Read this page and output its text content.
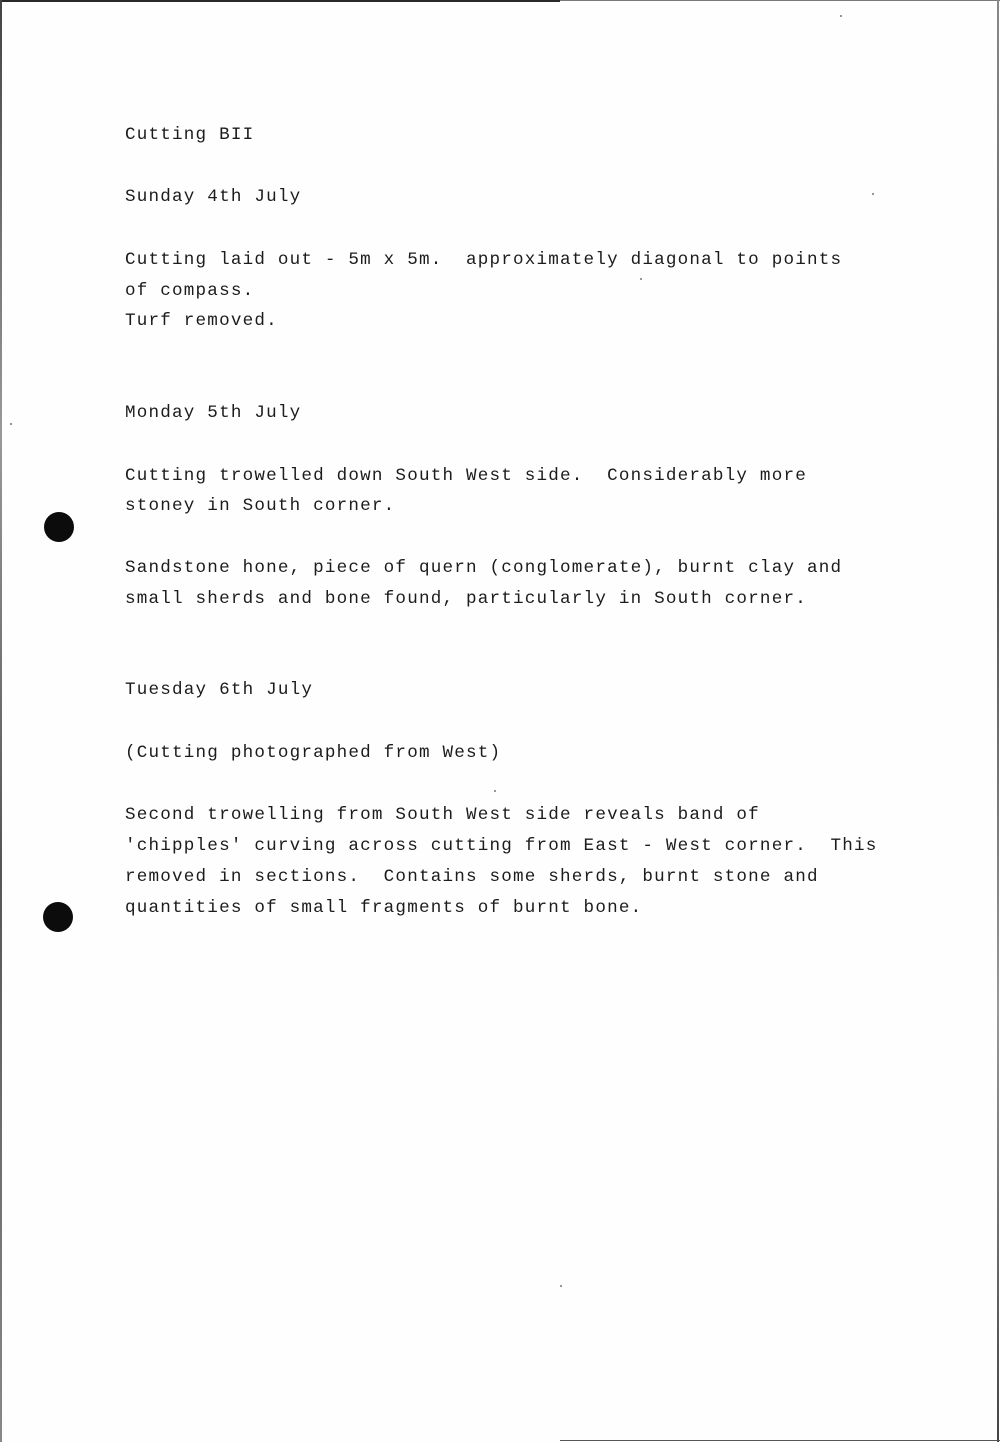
Cutting BII

Sunday 4th July

Cutting laid out - 5m x 5m.  approximately diagonal to points

of compass.

Turf removed.

Monday 5th July

Cutting trowelled down South West side.  Considerably more

stoney in South corner.

Sandstone hone, piece of quern (conglomerate), burnt clay and

small sherds and bone found, particularly in South corner.

Tuesday 6th July

(Cutting photographed from West)

Second trowelling from South West side reveals band of

'chipples' curving across cutting from East - West corner.  This

removed in sections.  Contains some sherds, burnt stone and

quantities of small fragments of burnt bone.
